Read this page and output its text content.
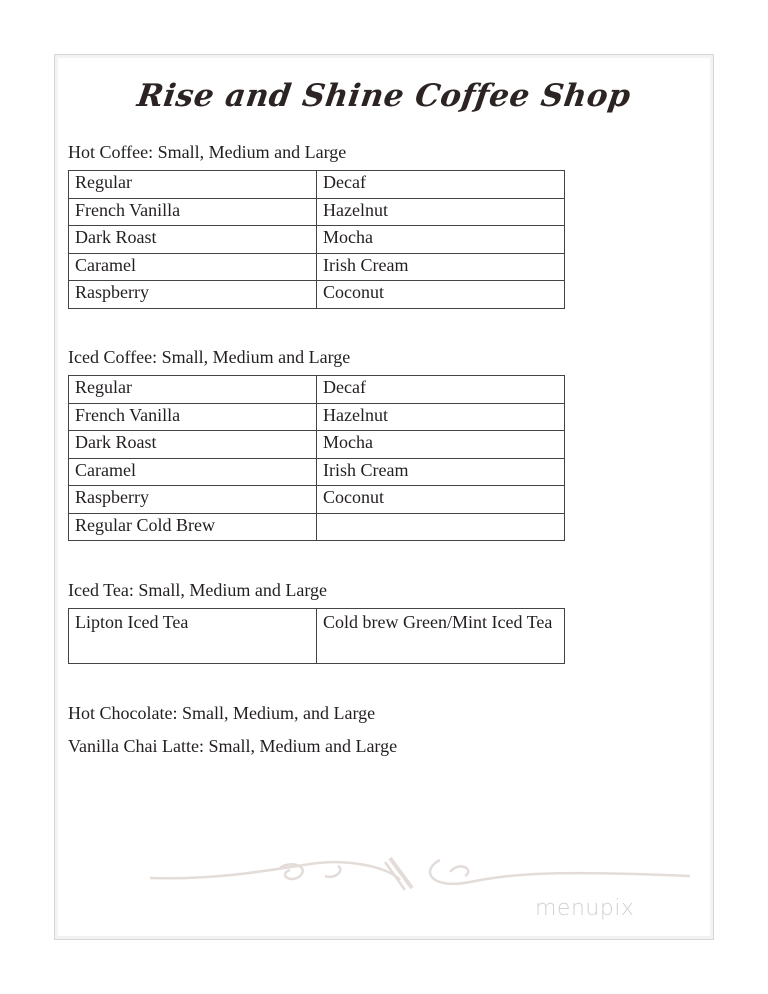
Rise and Shine Coffee Shop
Hot Coffee: Small, Medium and Large
Regular	Decaf
French Vanilla	Hazelnut
Dark Roast	Mocha
Caramel	Irish Cream
Raspberry	Coconut
Iced Coffee: Small, Medium and Large
Regular	Decaf
French Vanilla	Hazelnut
Dark Roast	Mocha
Caramel	Irish Cream
Raspberry	Coconut
Regular Cold Brew	
Iced Tea: Small, Medium and Large
Lipton Iced Tea	Cold brew Green/Mint Iced Tea
Hot Chocolate: Small, Medium, and Large
Vanilla Chai Latte: Small, Medium and Large
menupix
